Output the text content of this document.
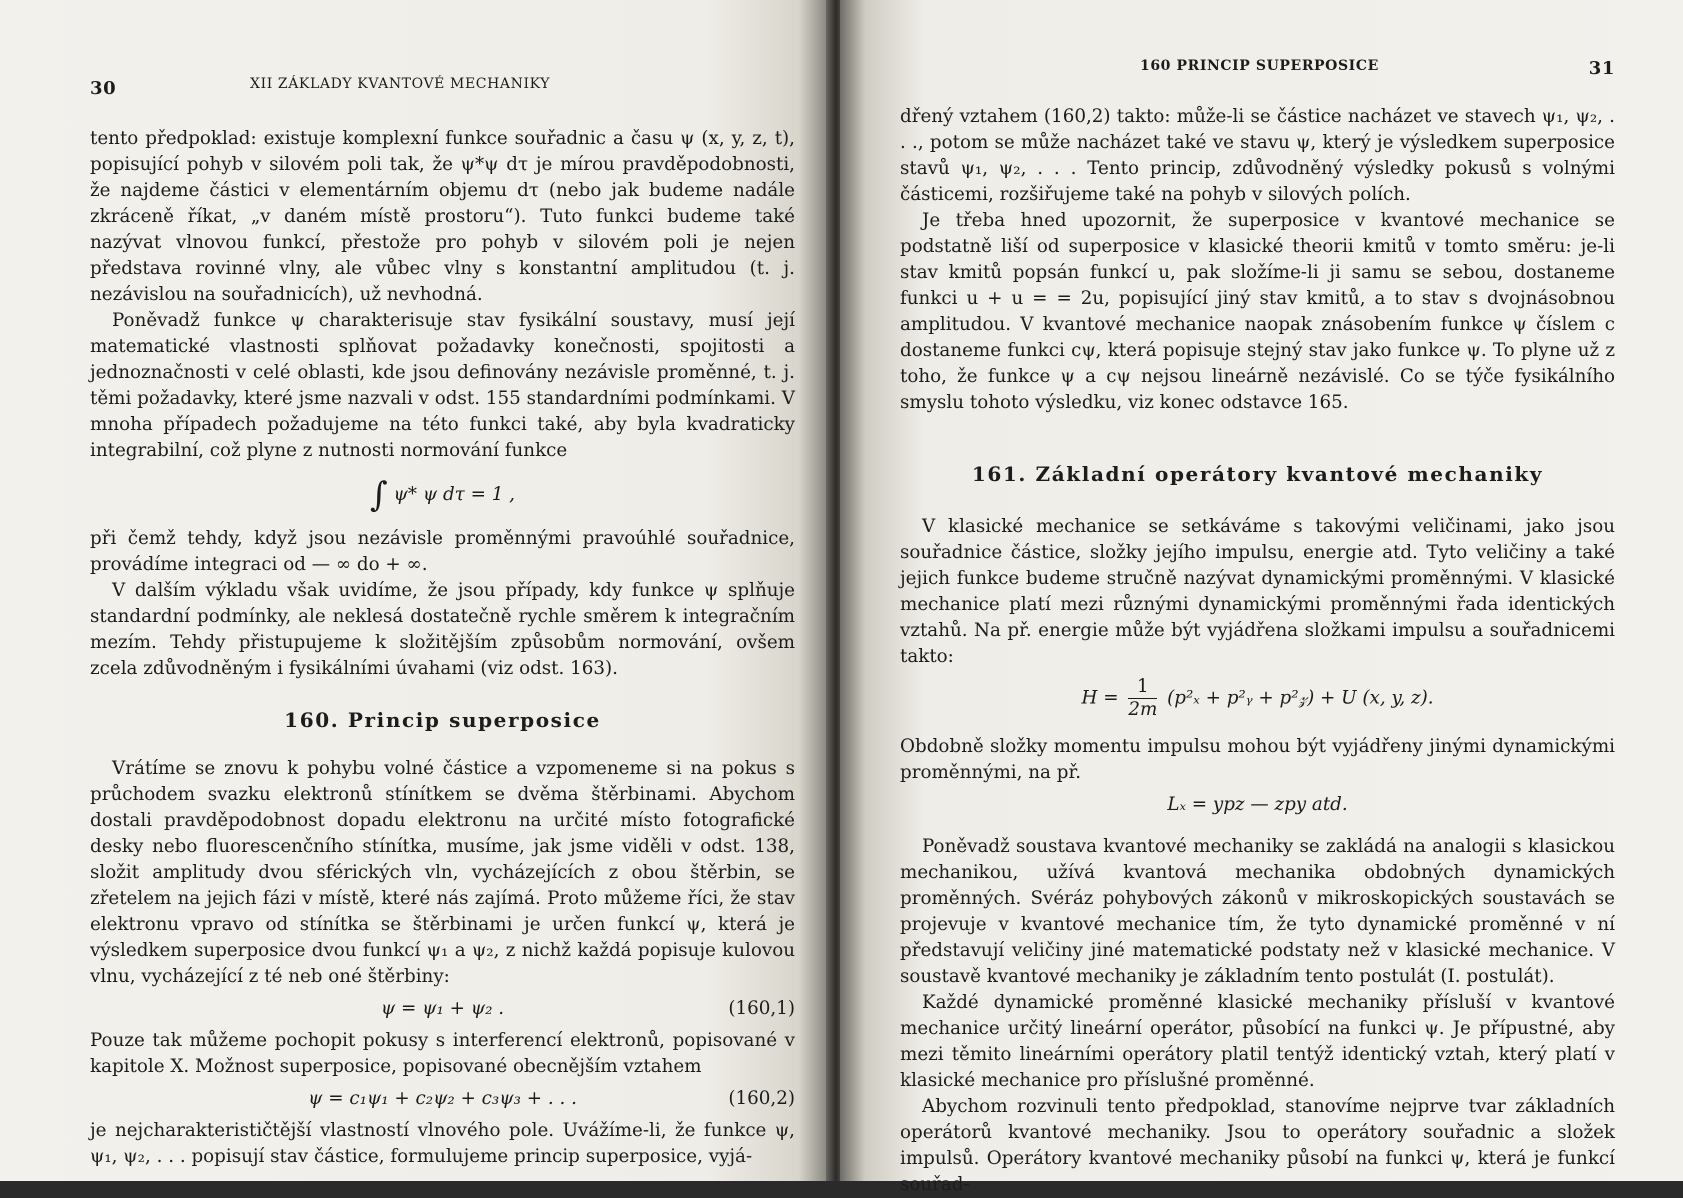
30	XII ZÁKLADY KVANTOVÉ MECHANIKY

tento předpoklad: existuje komplexní funkce souřadnic a času ψ (x, y, z, t), popisující pohyb v silovém poli tak, že ψ*ψ dτ je mírou pravděpodobnosti, že najdeme částici v elementárním objemu dτ (nebo jak budeme nadále zkráceně říkat, „v daném místě prostoru“). Tuto funkci budeme také nazývat vlnovou funkcí, přestože pro pohyb v silovém poli je nejen představa rovinné vlny, ale vůbec vlny s konstantní amplitudou (t. j. nezávislou na souřadnicích), už nevhodná.

Poněvadž funkce ψ charakterisuje stav fysikální soustavy, musí její matematické vlastnosti splňovat požadavky konečnosti, spojitosti a jednoznačnosti v celé oblasti, kde jsou definovány nezávisle proměnné, t. j. těmi požadavky, které jsme nazvali v odst. 155 standardními podmínkami. V mnoha případech požadujeme na této funkci také, aby byla kvadraticky integrabilní, což plyne z nutnosti normování funkce

∫ ψ* ψ dτ = 1 ,

při čemž tehdy, když jsou nezávisle proměnnými pravoúhlé souřadnice, provádíme integraci od — ∞ do + ∞.

V dalším výkladu však uvidíme, že jsou případy, kdy funkce ψ splňuje standardní podmínky, ale neklesá dostatečně rychle směrem k integračním mezím. Tehdy přistupujeme k složitějším způsobům normování, ovšem zcela zdůvodněným i fysikálními úvahami (viz odst. 163).

160. Princip superposice

Vrátíme se znovu k pohybu volné částice a vzpomeneme si na pokus s průchodem svazku elektronů stínítkem se dvěma štěrbinami. Abychom dostali pravděpodobnost dopadu elektronu na určité místo fotografické desky nebo fluorescenčního stínítka, musíme, jak jsme viděli v odst. 138, složit amplitudy dvou sférických vln, vycházejících z obou štěrbin, se zřetelem na jejich fázi v místě, které nás zajímá. Proto můžeme říci, že stav elektronu vpravo od stínítka se štěrbinami je určen funkcí ψ, která je výsledkem superposice dvou funkcí ψ₁ a ψ₂, z nichž každá popisuje kulovou vlnu, vycházející z té neb oné štěrbiny:

ψ = ψ₁ + ψ₂ .	(160,1)

Pouze tak můžeme pochopit pokusy s interferencí elektronů, popisované v kapitole X. Možnost superposice, popisované obecnějším vztahem

ψ = c₁ψ₁ + c₂ψ₂ + c₃ψ₃ + . . .	(160,2)

je nejcharakterističtější vlastností vlnového pole. Uvážíme-li, že funkce ψ, ψ₁, ψ₂, . . . popisují stav částice, formulujeme princip superposice, vyjá-

160 PRINCIP SUPERPOSICE	31

dřený vztahem (160,2) takto: může-li se částice nacházet ve stavech ψ₁, ψ₂, . . ., potom se může nacházet také ve stavu ψ, který je výsledkem superposice stavů ψ₁, ψ₂, . . . Tento princip, zdůvodněný výsledky pokusů s volnými částicemi, rozšiřujeme také na pohyb v silových polích.

Je třeba hned upozornit, že superposice v kvantové mechanice se podstatně liší od superposice v klasické theorii kmitů v tomto směru: je-li stav kmitů popsán funkcí u, pak složíme-li ji samu se sebou, dostaneme funkci u + u = = 2u, popisující jiný stav kmitů, a to stav s dvojnásobnou amplitudou. V kvantové mechanice naopak znásobením funkce ψ číslem c dostaneme funkci cψ, která popisuje stejný stav jako funkce ψ. To plyne už z toho, že funkce ψ a cψ nejsou lineárně nezávislé. Co se týče fysikálního smyslu tohoto výsledku, viz konec odstavce 165.

161. Základní operátory kvantové mechaniky

V klasické mechanice se setkáváme s takovými veličinami, jako jsou souřadnice částice, složky jejího impulsu, energie atd. Tyto veličiny a také jejich funkce budeme stručně nazývat dynamickými proměnnými. V klasické mechanice platí mezi různými dynamickými proměnnými řada identických vztahů. Na př. energie může být vyjádřena složkami impulsu a souřadnicemi takto:

$H = \frac{1}{2m} (p^2_x$ + p²ᵧ + p²𝓏) + U (x, y, z).

Obdobně složky momentu impulsu mohou být vyjádřeny jinými dynamickými proměnnými, na př.

Lₓ = ypz — zpy atd.

Poněvadž soustava kvantové mechaniky se zakládá na analogii s klasickou mechanikou, užívá kvantová mechanika obdobných dynamických proměnných. Svéráz pohybových zákonů v mikroskopických soustavách se projevuje v kvantové mechanice tím, že tyto dynamické proměnné v ní představují veličiny jiné matematické podstaty než v klasické mechanice. V soustavě kvantové mechaniky je základním tento postulát (I. postulát).

Každé dynamické proměnné klasické mechaniky přísluší v kvantové mechanice určitý lineární operátor, působící na funkci ψ. Je přípustné, aby mezi těmito lineárními operátory platil tentýž identický vztah, který platí v klasické mechanice pro příslušné proměnné.

Abychom rozvinuli tento předpoklad, stanovíme nejprve tvar základních operátorů kvantové mechaniky. Jsou to operátory souřadnic a složek impulsů. Operátory kvantové mechaniky působí na funkci ψ, která je funkcí souřad-
